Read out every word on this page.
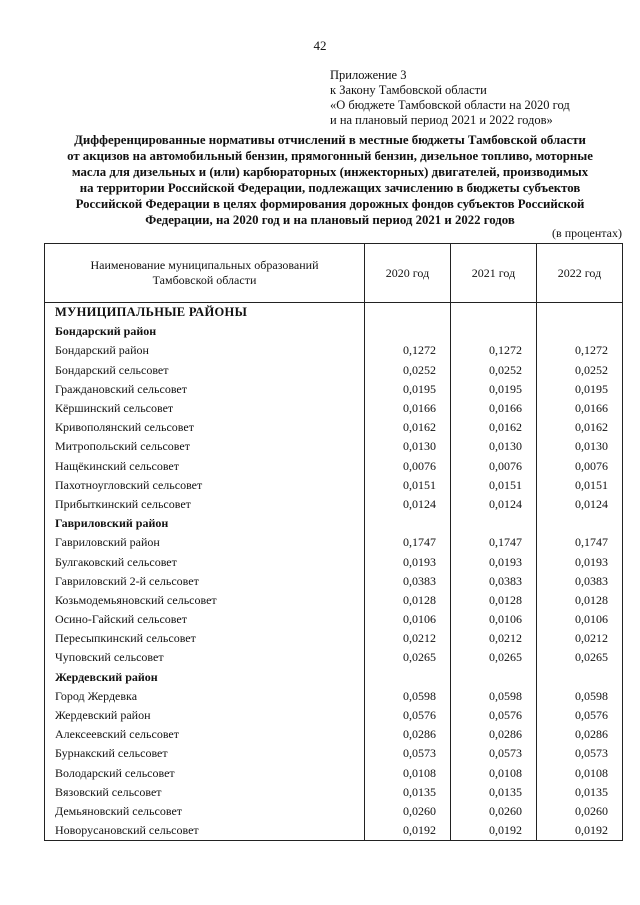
42
Приложение 3
к Закону Тамбовской области
«О бюджете Тамбовской области на 2020 год
и на плановый период 2021 и 2022 годов»
Дифференцированные нормативы отчислений в местные бюджеты Тамбовской области
от акцизов на автомобильный бензин, прямогонный бензин, дизельное топливо, моторные
масла для дизельных и (или) карбюраторных (инжекторных) двигателей, производимых
на территории Российской Федерации, подлежащих зачислению в бюджеты субъектов
Российской Федерации в целях формирования дорожных фондов субъектов Российской
Федерации, на 2020 год и на плановый период 2021 и 2022 годов
(в процентах)
Наименование муниципальных образований
Тамбовской области	2020 год	2021 год	2022 год
МУНИЦИПАЛЬНЫЕ РАЙОНЫ			
Бондарский район			
Бондарский район	0,1272	0,1272	0,1272
Бондарский сельсовет	0,0252	0,0252	0,0252
Граждановский сельсовет	0,0195	0,0195	0,0195
Кёршинский сельсовет	0,0166	0,0166	0,0166
Кривополянский сельсовет	0,0162	0,0162	0,0162
Митропольский сельсовет	0,0130	0,0130	0,0130
Нащёкинский сельсовет	0,0076	0,0076	0,0076
Пахотноугловский сельсовет	0,0151	0,0151	0,0151
Прибыткинский сельсовет	0,0124	0,0124	0,0124
Гавриловский район			
Гавриловский район	0,1747	0,1747	0,1747
Булгаковский сельсовет	0,0193	0,0193	0,0193
Гавриловский 2-й сельсовет	0,0383	0,0383	0,0383
Козьмодемьяновский сельсовет	0,0128	0,0128	0,0128
Осино-Гайский сельсовет	0,0106	0,0106	0,0106
Пересыпкинский сельсовет	0,0212	0,0212	0,0212
Чуповский сельсовет	0,0265	0,0265	0,0265
Жердевский район			
Город Жердевка	0,0598	0,0598	0,0598
Жердевский район	0,0576	0,0576	0,0576
Алексеевский сельсовет	0,0286	0,0286	0,0286
Бурнакский сельсовет	0,0573	0,0573	0,0573
Володарский сельсовет	0,0108	0,0108	0,0108
Вязовский сельсовет	0,0135	0,0135	0,0135
Демьяновский сельсовет	0,0260	0,0260	0,0260
Новорусановский сельсовет	0,0192	0,0192	0,0192
